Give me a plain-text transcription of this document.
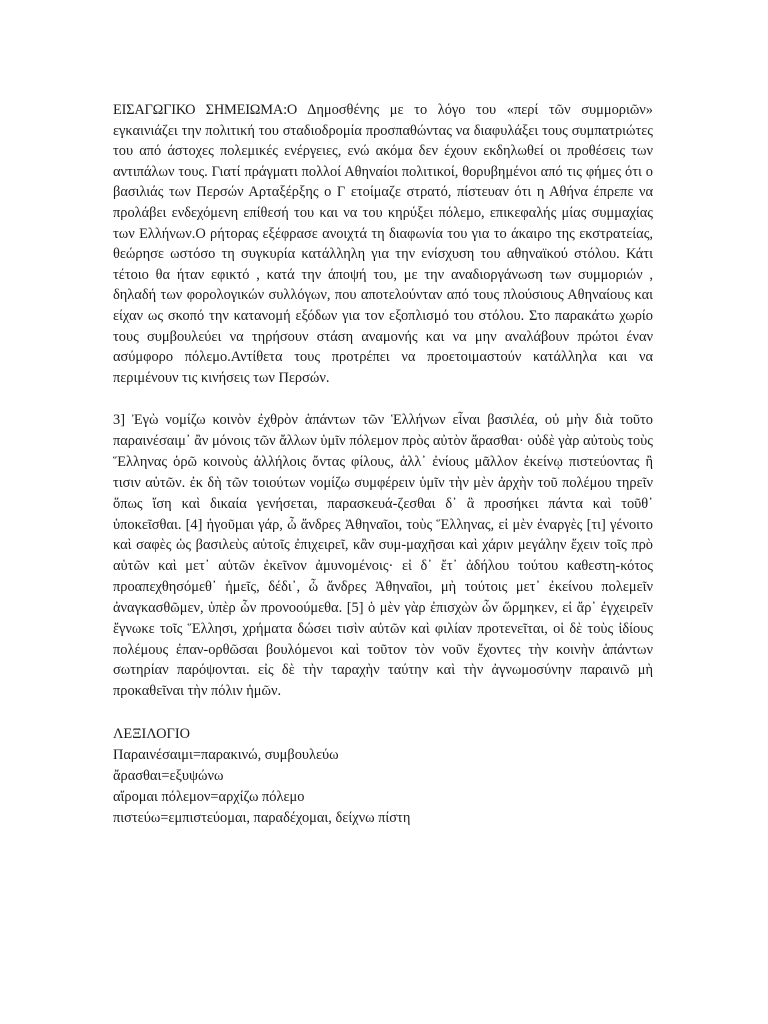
ΕΙΣΑΓΩΓΙΚΟ ΣΗΜΕΙΩΜΑ:Ο Δημοσθένης με το λόγο του «περί τῶν συμμοριῶν» εγκαινιάζει την πολιτική του σταδιοδρομία προσπαθώντας να διαφυλάξει τους συμπατριώτες του από άστοχες πολεμικές ενέργειες, ενώ ακόμα δεν έχουν εκδηλωθεί οι προθέσεις των αντιπάλων τους. Γιατί πράγματι πολλοί Αθηναίοι πολιτικοί, θορυβημένοι από τις φήμες ότι ο βασιλιάς των Περσών Αρταξέρξης ο Γ ετοίμαζε στρατό, πίστευαν ότι η Αθήνα έπρεπε να προλάβει ενδεχόμενη επίθεσή του και να του κηρύξει πόλεμο, επικεφαλής μίας συμμαχίας των Ελλήνων.Ο ρήτορας εξέφρασε ανοιχτά τη διαφωνία του για το άκαιρο της εκστρατείας, θεώρησε ωστόσο τη συγκυρία κατάλληλη για την ενίσχυση του αθηναϊκού στόλου. Κάτι τέτοιο θα ήταν εφικτό , κατά την άποψή του, με την αναδιοργάνωση των συμμοριών , δηλαδή των φορολογικών συλλόγων, που αποτελούνταν από τους πλούσιους Αθηναίους και είχαν ως σκοπό την κατανομή εξόδων για τον εξοπλισμό του στόλου. Στο παρακάτω χωρίο τους συμβουλεύει να τηρήσουν στάση αναμονής και να μην αναλάβουν πρώτοι έναν ασύμφορο πόλεμο.Αντίθετα τους προτρέπει να προετοιμαστούν κατάλληλα και να περιμένουν τις κινήσεις των Περσών.

3] Ἐγὼ νομίζω κοινὸν ἐχθρὸν ἁπάντων τῶν Ἑλλήνων εἶναι βασιλέα, οὐ μὴν διὰ τοῦτο παραινέσαιμ᾽ ἂν μόνοις τῶν ἄλλων ὑμῖν πόλεμον πρὸς αὐτὸν ἄρασθαι· οὐδὲ γὰρ αὐτοὺς τοὺς Ἕλληνας ὁρῶ κοινοὺς ἀλλήλοις ὄντας φίλους, ἀλλ᾽ ἐνίους μᾶλλον ἐκείνῳ πιστεύοντας ἢ τισιν αὑτῶν. ἐκ δὴ τῶν τοιούτων νομίζω συμφέρειν ὑμῖν τὴν μὲν ἀρχὴν τοῦ πολέμου τηρεῖν ὅπως ἴση καὶ δικαία γενήσεται, παρασκευά-ζεσθαι δ᾽ ἃ προσήκει πάντα καὶ τοῦθ᾽ ὑποκεῖσθαι. [4] ἡγοῦμαι γάρ, ὦ ἄνδρες Ἀθηναῖοι, τοὺς Ἕλληνας, εἰ μὲν ἐναργὲς [τι] γένοιτο καὶ σαφὲς ὡς βασιλεὺς αὐτοῖς ἐπιχειρεῖ, κἂν συμ-μαχῆσαι καὶ χάριν μεγάλην ἔχειν τοῖς πρὸ αὑτῶν καὶ μετ᾽ αὑτῶν ἐκεῖνον ἀμυνομένοις· εἰ δ᾽ ἔτ᾽ ἀδήλου τούτου καθεστη-κότος προαπεχθησόμεθ᾽ ἡμεῖς, δέδι᾽, ὦ ἄνδρες Ἀθηναῖοι, μὴ τούτοις μετ᾽ ἐκείνου πολεμεῖν ἀναγκασθῶμεν, ὑπὲρ ὧν προνοούμεθα. [5] ὁ μὲν γὰρ ἐπισχὼν ὧν ὥρμηκεν, εἰ ἄρ᾽ ἐγχειρεῖν ἔγνωκε τοῖς Ἕλλησι, χρήματα δώσει τισὶν αὐτῶν καὶ φιλίαν προτενεῖται, οἱ δὲ τοὺς ἰδίους πολέμους ἐπαν-ορθῶσαι βουλόμενοι καὶ τοῦτον τὸν νοῦν ἔχοντες τὴν κοινὴν ἁπάντων σωτηρίαν παρόψονται. εἰς δὲ τὴν ταραχὴν ταύτην καὶ τὴν ἀγνωμοσύνην παραινῶ μὴ προκαθεῖναι τὴν πόλιν ἡμῶν.

ΛΕΞΙΛΟΓΙΟ

Παραινέσαιμι=παρακινώ, συμβουλεύω

ἄρασθαι=εξυψώνω

αἴρομαι πόλεμον=αρχίζω πόλεμο

πιστεύω=εμπιστεύομαι, παραδέχομαι, δείχνω πίστη
